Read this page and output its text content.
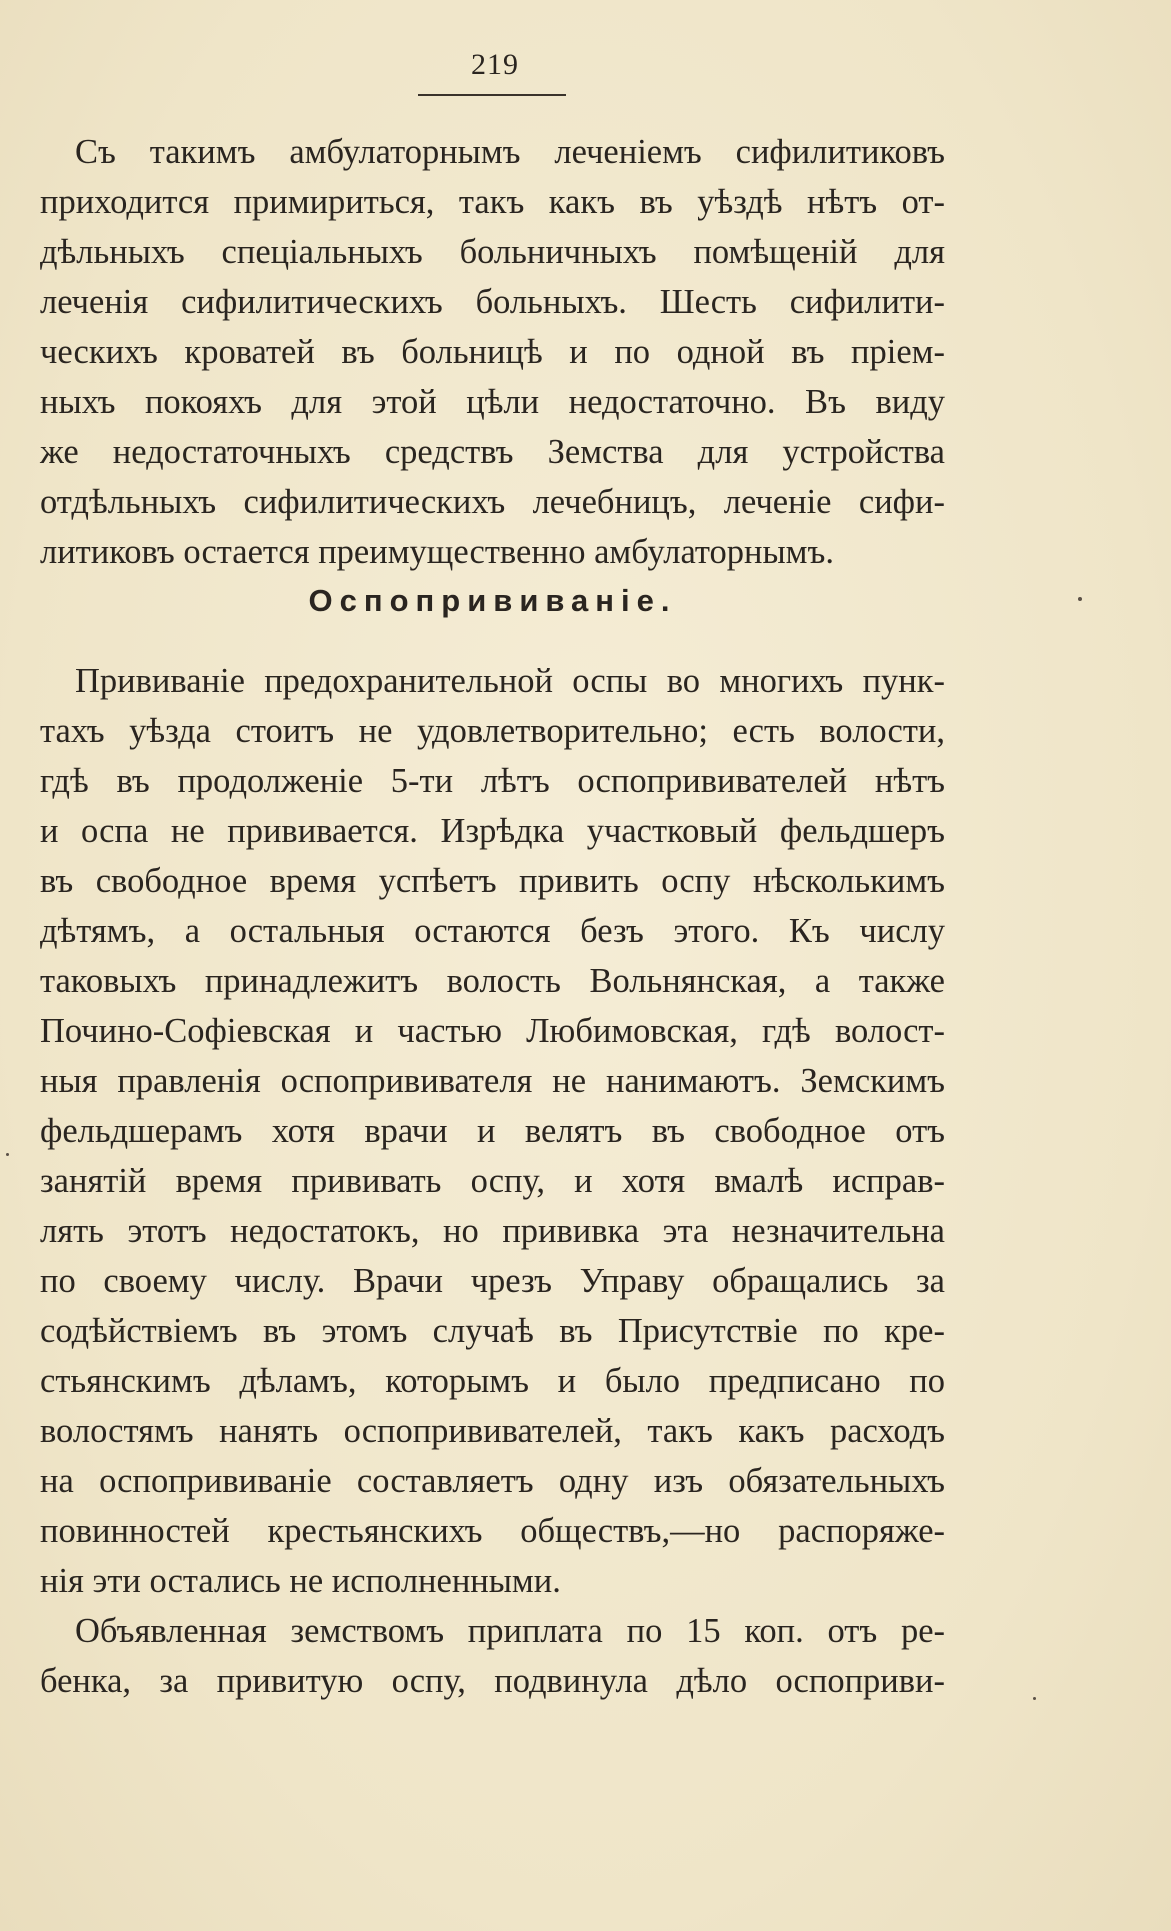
219
Съ такимъ амбулаторнымъ леченіемъ сифилитиковъ
приходится примириться, такъ какъ въ уѣздѣ нѣтъ от-
дѣльныхъ спеціальныхъ больничныхъ помѣщеній для
леченія сифилитическихъ больныхъ. Шесть сифилити-
ческихъ кроватей въ больницѣ и по одной въ пріем-
ныхъ покояхъ для этой цѣли недостаточно. Въ виду
же недостаточныхъ средствъ Земства для устройства
отдѣльныхъ сифилитическихъ лечебницъ, леченіе сифи-
литиковъ остается преимущественно амбулаторнымъ.
Оспопрививаніе.
Прививаніе предохранительной оспы во многихъ пунк-
тахъ уѣзда стоитъ не удовлетворительно; есть волости,
гдѣ въ продолженіе 5-ти лѣтъ оспопрививателей нѣтъ
и оспа не прививается. Изрѣдка участковый фельдшеръ
въ свободное время успѣетъ привить оспу нѣсколькимъ
дѣтямъ, а остальныя остаются безъ этого. Къ числу
таковыхъ принадлежитъ волость Вольнянская, а также
Почино-Софіевская и частью Любимовская, гдѣ волост-
ныя правленія оспопрививателя не нанимаютъ. Земскимъ
фельдшерамъ хотя врачи и велятъ въ свободное отъ
занятій время прививать оспу, и хотя вмалѣ исправ-
лять этотъ недостатокъ, но прививка эта незначительна
по своему числу. Врачи чрезъ Управу обращались за
содѣйствіемъ въ этомъ случаѣ въ Присутствіе по кре-
стьянскимъ дѣламъ, которымъ и было предписано по
волостямъ нанять оспопрививателей, такъ какъ расходъ
на оспопрививаніе составляетъ одну изъ обязательныхъ
повинностей крестьянскихъ обществъ,—но распоряже-
нія эти остались не исполненными.
Объявленная земствомъ приплата по 15 коп. отъ ре-
бенка, за привитую оспу, подвинула дѣло оспоприви-
